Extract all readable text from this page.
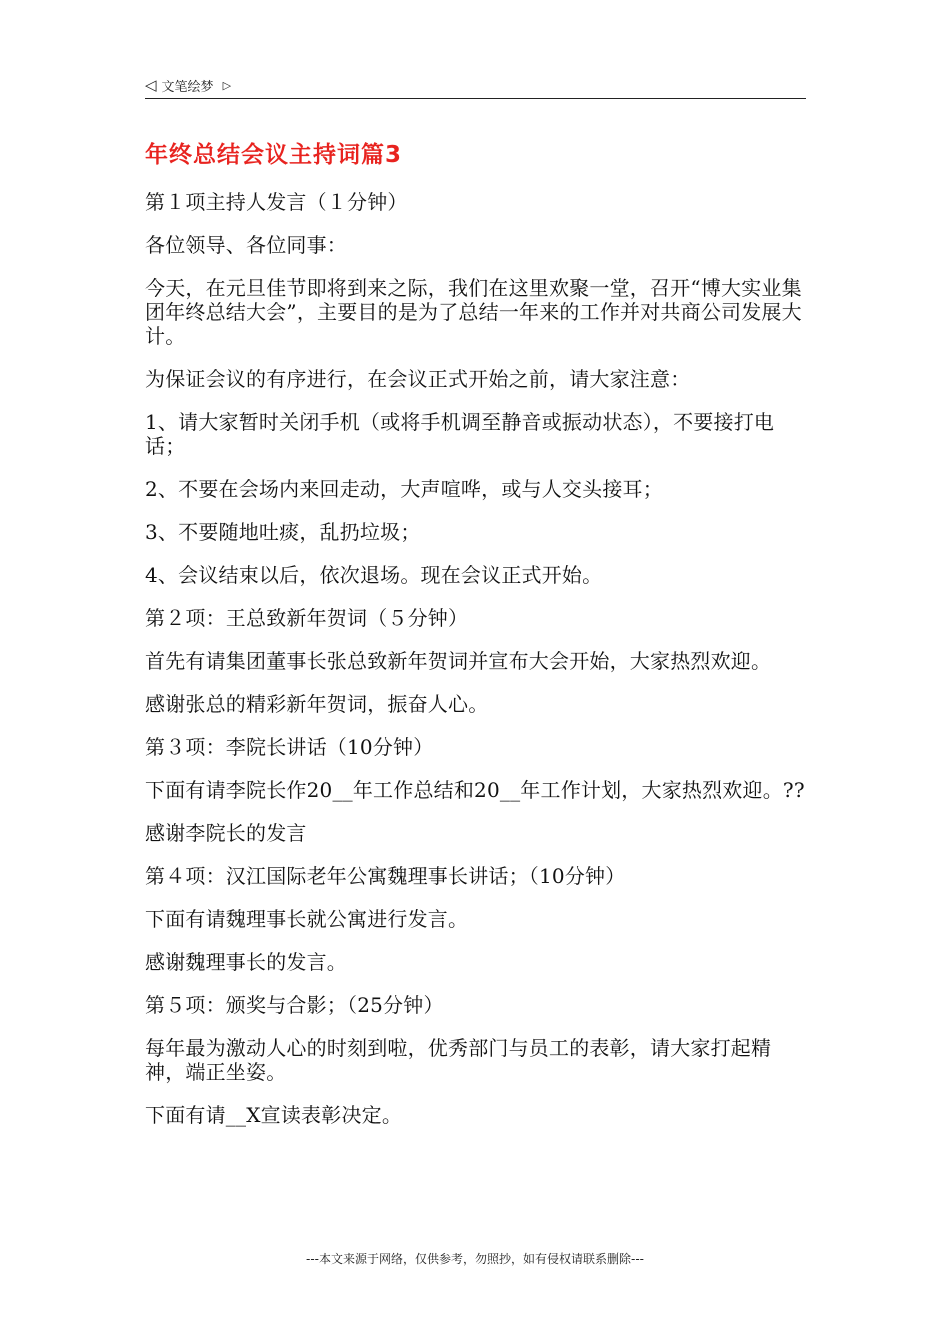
◁ 文笔绘梦 ▷
年终总结会议主持词篇3

第１项主持人发言（１分钟）

各位领导、各位同事：

今天，在元旦佳节即将到来之际，我们在这里欢聚一堂，召开“博大实业集团年终总结大会”，主要目的是为了总结一年来的工作并对共商公司发展大计。

为保证会议的有序进行，在会议正式开始之前，请大家注意：

1、请大家暂时关闭手机（或将手机调至静音或振动状态），不要接打电话；

2、不要在会场内来回走动，大声喧哗，或与人交头接耳；

3、不要随地吐痰，乱扔垃圾；

4、会议结束以后，依次退场。现在会议正式开始。

第２项：王总致新年贺词（５分钟）

首先有请集团董事长张总致新年贺词并宣布大会开始，大家热烈欢迎。

感谢张总的精彩新年贺词，振奋人心。

第３项：李院长讲话（10分钟）

下面有请李院长作20__年工作总结和20__年工作计划，大家热烈欢迎。??

感谢李院长的发言

第４项：汉江国际老年公寓魏理事长讲话；（10分钟）

下面有请魏理事长就公寓进行发言。

感谢魏理事长的发言。

第５项：颁奖与合影；（25分钟）

每年最为激动人心的时刻到啦，优秀部门与员工的表彰，请大家打起精神，端正坐姿。

下面有请__X宣读表彰决定。

---本文来源于网络，仅供参考，勿照抄，如有侵权请联系删除---
